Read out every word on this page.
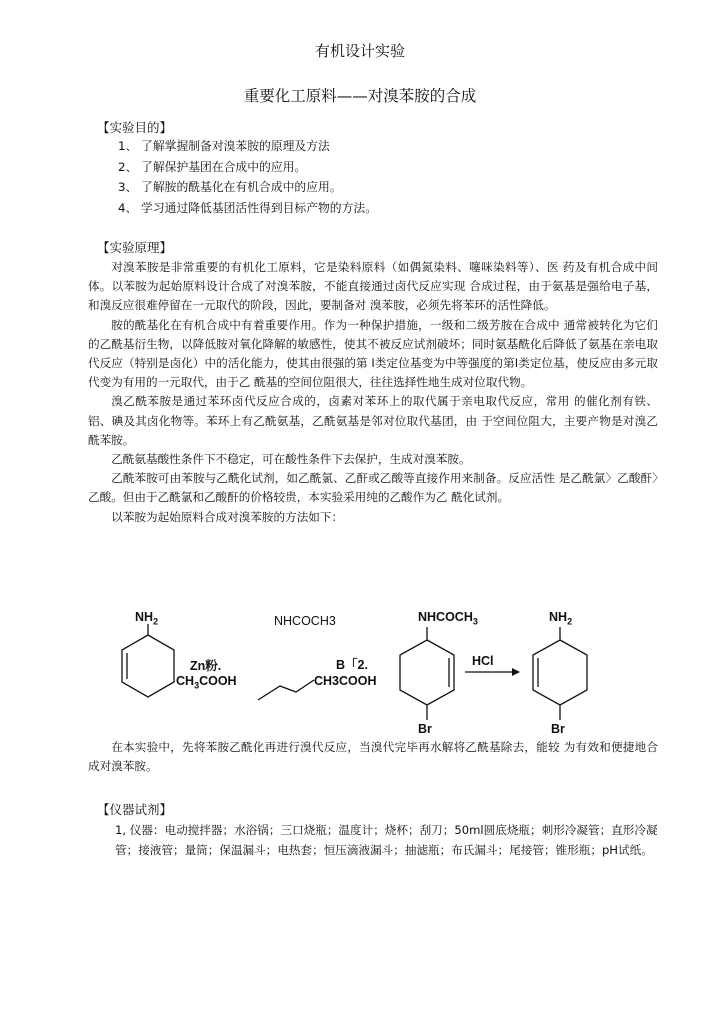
有机设计实验
重要化工原料——对溴苯胺的合成
【实验目的】
1、 了解掌握制备对溴苯胺的原理及方法
2、 了解保护基团在合成中的应用。
3、 了解胺的酰基化在有机合成中的应用。
4、 学习通过降低基团活性得到目标产物的方法。
【实验原理】

对溴苯胺是非常重要的有机化工原料，它是染料原料（如偶氮染料、噻咪染料等）、医 药及有机合成中间体。以苯胺为起始原料设计合成了对溴苯胺，不能直接通过卤代反应实现 合成过程，由于氨基是强给电子基，和溴反应很难停留在一元取代的阶段，因此，要制备对 溴苯胺，必须先将苯环的活性降低。

胺的酰基化在有机合成中有着重要作用。作为一种保护措施，一级和二级芳胺在合成中 通常被转化为它们的乙酰基衍生物，以降低胺对氧化降解的敏感性，使其不被反应试剂破坏；同时氨基酰化后降低了氨基在亲电取代反应（特别是卤化）中的活化能力，使其由很强的第 I类定位基变为中等强度的第I类定位基，使反应由多元取代变为有用的一元取代，由于乙 酰基的空间位阻很大，往往选择性地生成对位取代物。

溴乙酰苯胺是通过苯环卤代反应合成的，卤素对苯环上的取代属于亲电取代反应，常用 的催化剂有铁、铝、碘及其卤化物等。苯环上有乙酰氨基，乙酰氨基是邻对位取代基团，由 于空间位阻大，主要产物是对溴乙酰苯胺。

乙酰氨基酸性条件下不稳定，可在酸性条件下去保护，生成对溴苯胺。

乙酰苯胺可由苯胺与乙酰化试剂，如乙酰氯、乙酐或乙酸等直接作用来制备。反应活性 是乙酰氯〉乙酸酐〉乙酸。但由于乙酰氯和乙酸酐的价格较贵，本实验采用纯的乙酸作为乙 酰化试剂。

以苯胺为起始原料合成对溴苯胺的方法如下：

$NH_2$	NHCOCH3
Zn粉.
$CH_3COOH$
B「2.
CH3COOH
$NHCOCH_3$
HCl
$NH_2$
Br	Br

在本实验中，先将苯胺乙酰化再进行溴代反应，当溴代完毕再水解将乙酰基除去，能较 为有效和便捷地合成对溴苯胺。

【仪器试剂】
1, 仪器：电动搅拌器；水浴锅；三口烧瓶；温度计；烧杯；刮刀；50ml圆底烧瓶；刺形冷凝管；直形冷凝管；接液管；量筒；保温漏斗；电热套；恒压滴液漏斗；抽滤瓶；布氏漏斗；尾接管；锥形瓶；pH试纸。
